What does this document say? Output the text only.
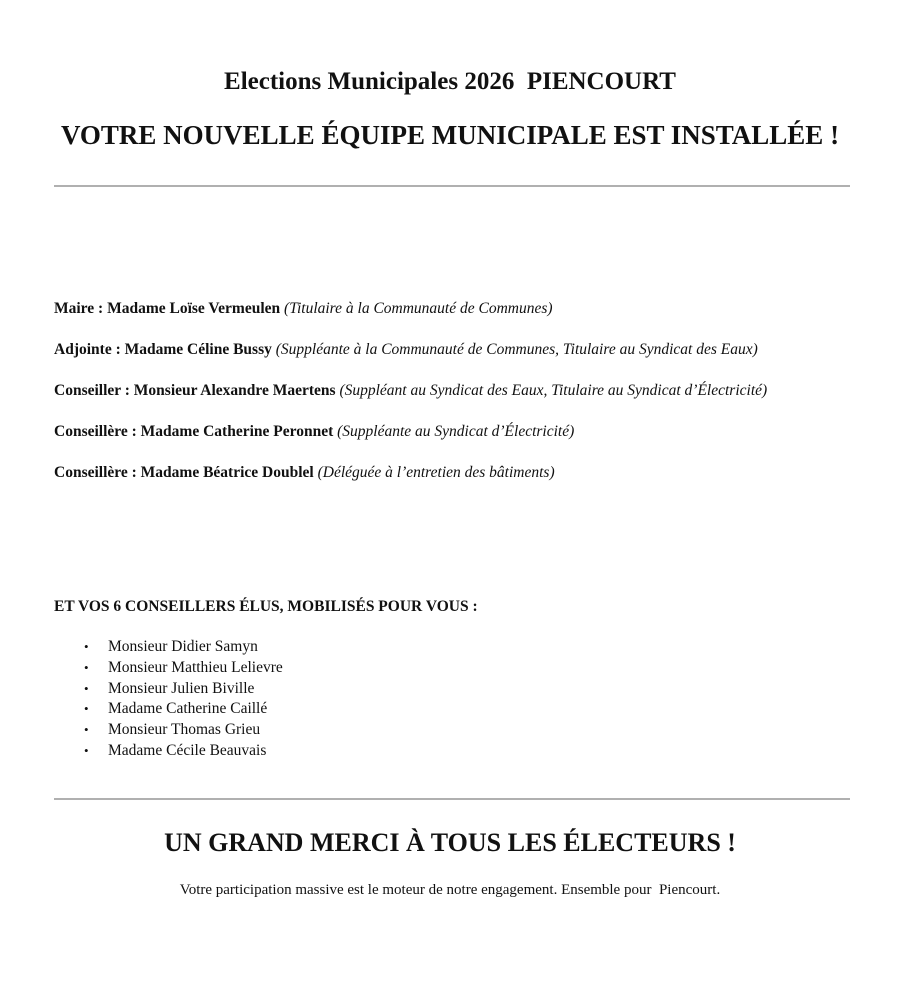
Elections Municipales 2026  PIENCOURT
VOTRE NOUVELLE ÉQUIPE MUNICIPALE EST INSTALLÉE !
Maire : Madame Loïse Vermeulen (Titulaire à la Communauté de Communes)
Adjointe : Madame Céline Bussy (Suppléante à la Communauté de Communes, Titulaire au Syndicat des Eaux)
Conseiller : Monsieur Alexandre Maertens (Suppléant au Syndicat des Eaux, Titulaire au Syndicat d’Électricité)
Conseillère : Madame Catherine Peronnet (Suppléante au Syndicat d’Électricité)
Conseillère : Madame Béatrice Doublel (Déléguée à l’entretien des bâtiments)
ET VOS 6 CONSEILLERS ÉLUS, MOBILISÉS POUR VOUS :
• Monsieur Didier Samyn
• Monsieur Matthieu Lelievre
• Monsieur Julien Biville
• Madame Catherine Caillé
• Monsieur Thomas Grieu
• Madame Cécile Beauvais
UN GRAND MERCI À TOUS LES ÉLECTEURS !
Votre participation massive est le moteur de notre engagement. Ensemble pour  Piencourt.
